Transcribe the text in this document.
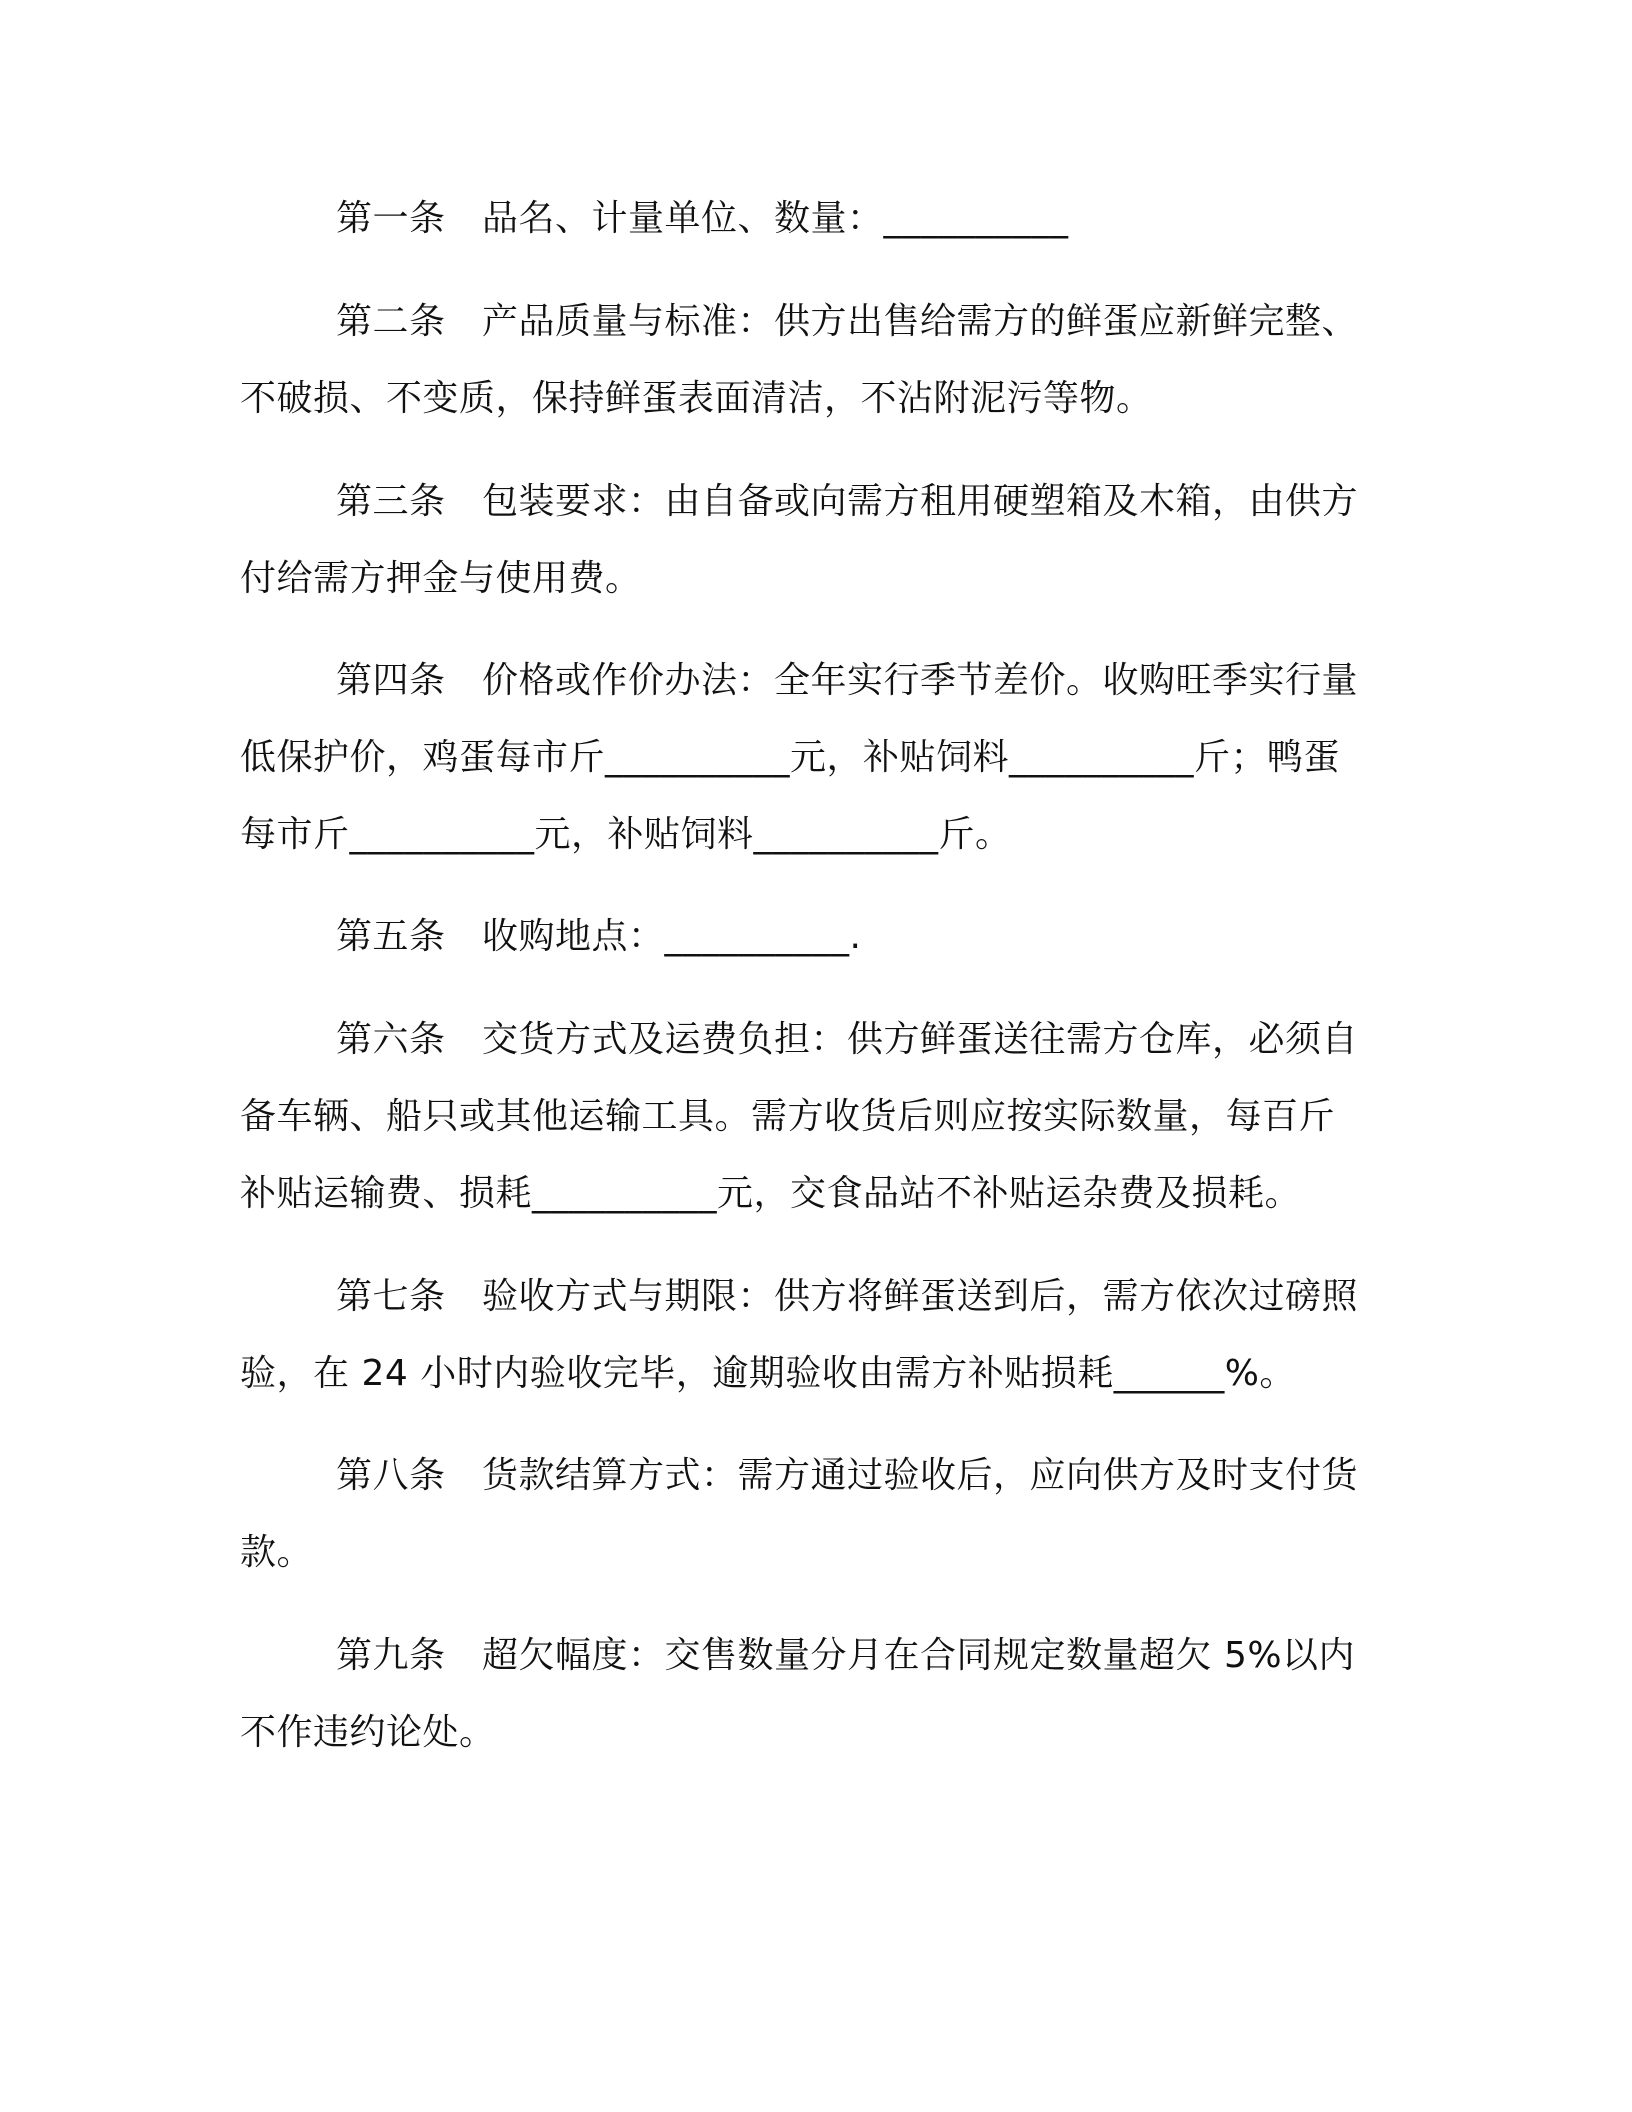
第一条　品名、计量单位、数量：__________
第二条　产品质量与标准：供方出售给需方的鲜蛋应新鲜完整、
不破损、不变质，保持鲜蛋表面清洁，不沾附泥污等物。
第三条　包装要求：由自备或向需方租用硬塑箱及木箱，由供方
付给需方押金与使用费。
第四条　价格或作价办法：全年实行季节差价。收购旺季实行量
低保护价，鸡蛋每市斤__________元，补贴饲料__________斤；鸭蛋
每市斤__________元，补贴饲料__________斤。
第五条　收购地点：__________.
第六条　交货方式及运费负担：供方鲜蛋送往需方仓库，必须自
备车辆、船只或其他运输工具。需方收货后则应按实际数量，每百斤
补贴运输费、损耗__________元，交食品站不补贴运杂费及损耗。
第七条　验收方式与期限：供方将鲜蛋送到后，需方依次过磅照
验，在 24 小时内验收完毕，逾期验收由需方补贴损耗______%。
第八条　货款结算方式：需方通过验收后，应向供方及时支付货
款。
第九条　超欠幅度：交售数量分月在合同规定数量超欠 5%以内
不作违约论处。
